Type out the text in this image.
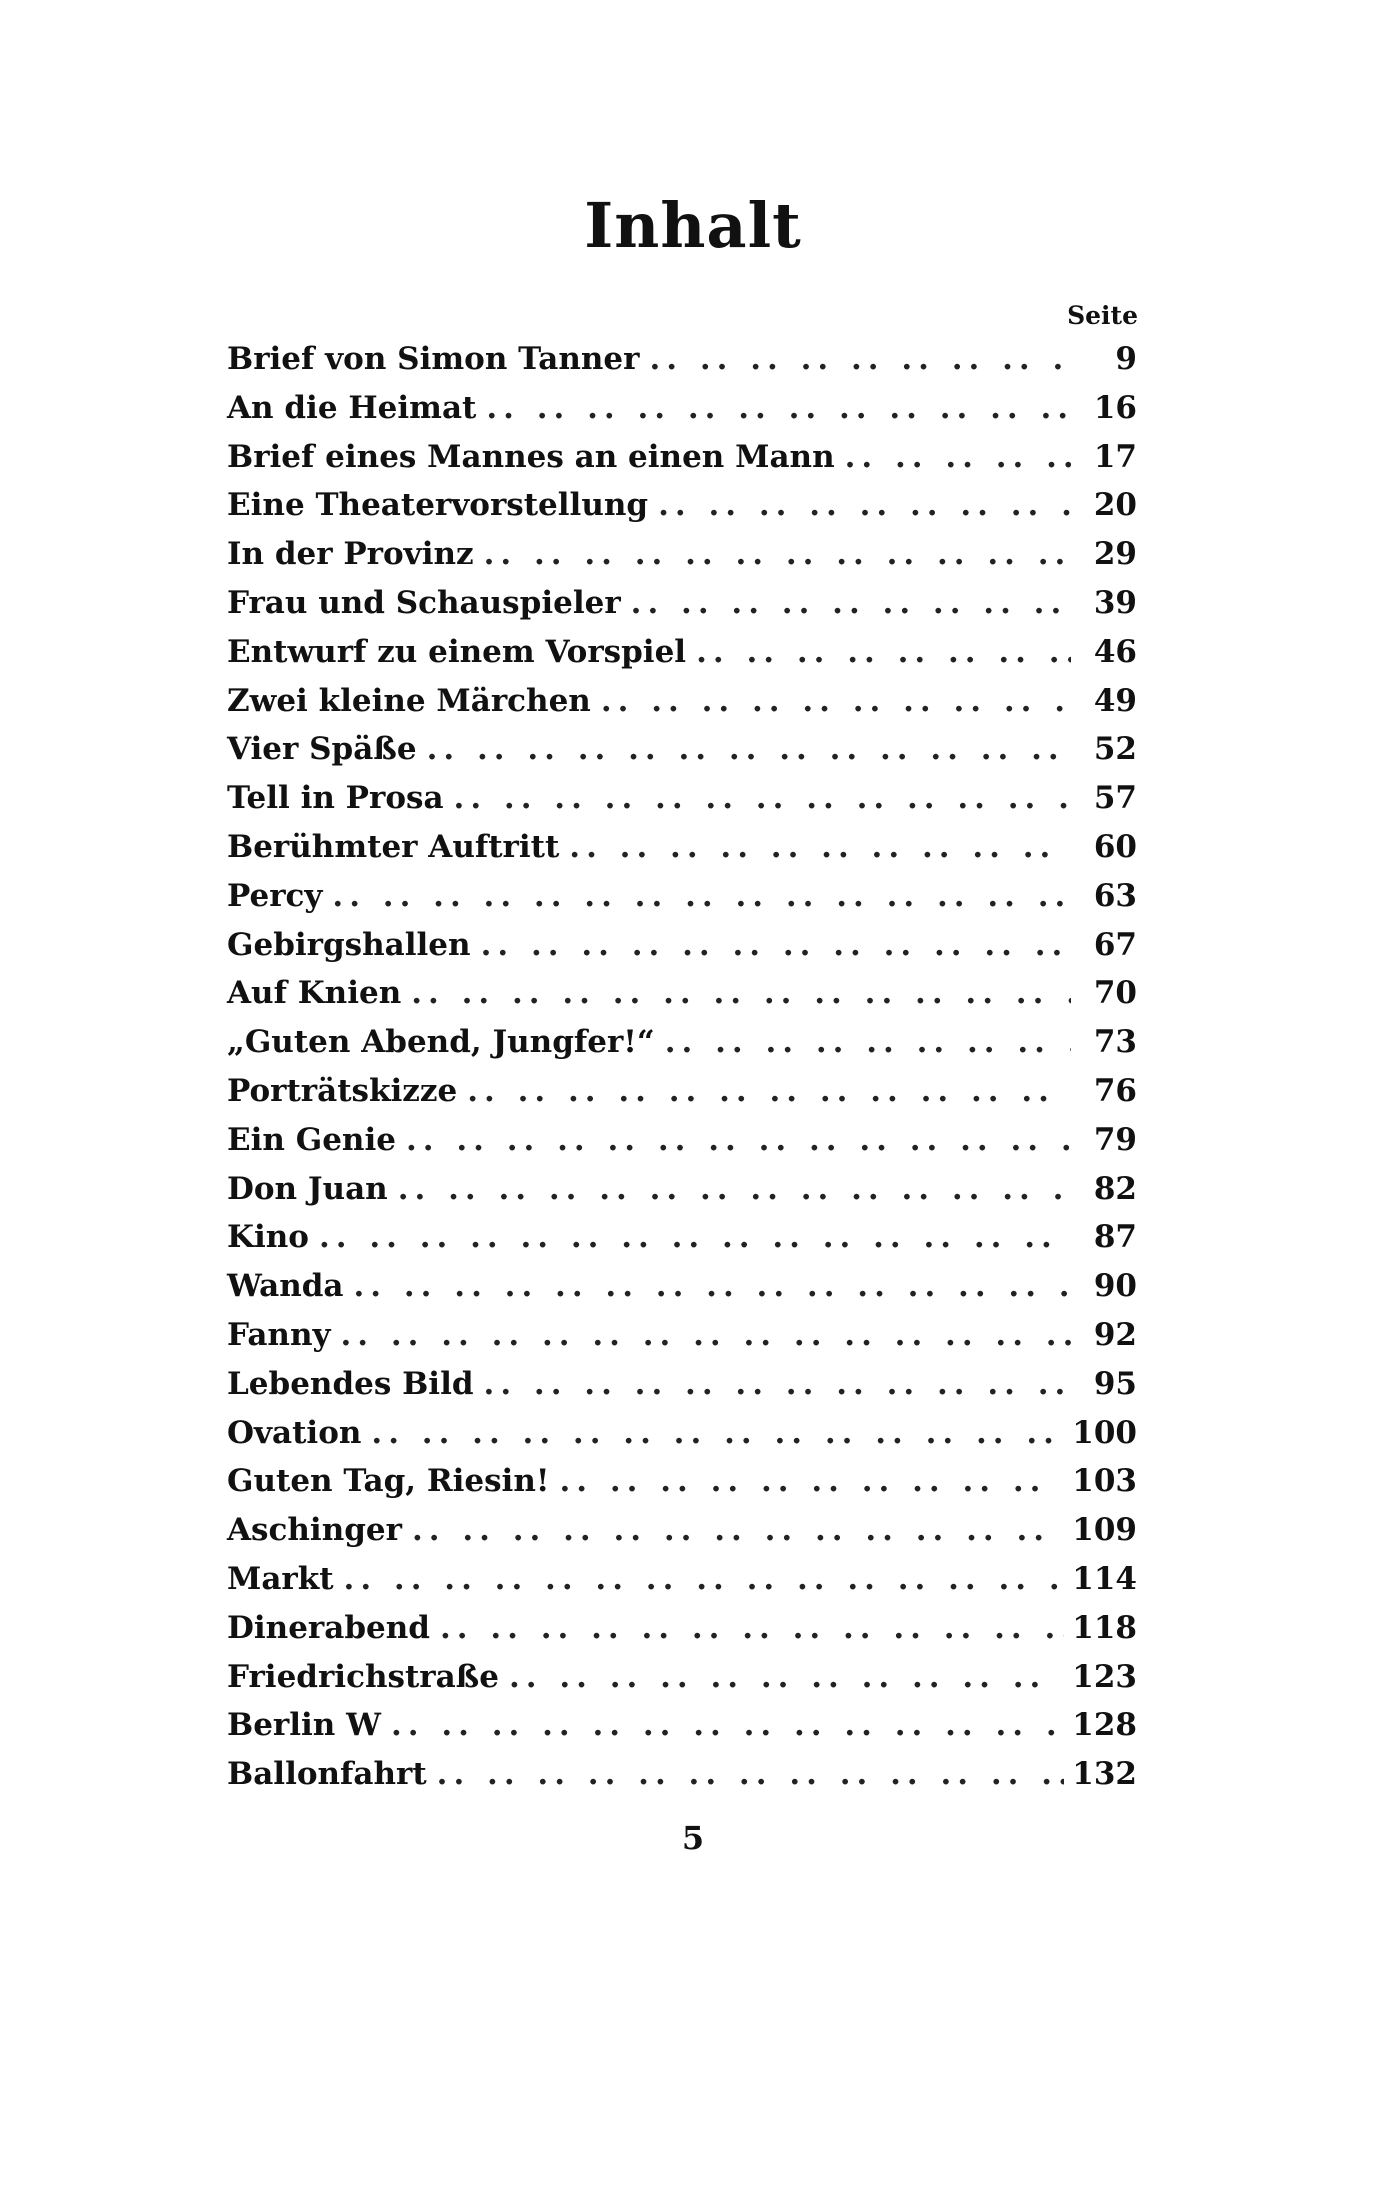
Inhalt
Seite
Brief von Simon Tanner .. ..	9
An die Heimat .. ..	16
Brief eines Mannes an einen Mann .. ..	17
Eine Theatervorstellung .. ..	20
In der Provinz .. ..	29
Frau und Schauspieler .. ..	39
Entwurf zu einem Vorspiel .. ..	46
Zwei kleine Märchen .. ..	49
Vier Späße .. ..	52
Tell in Prosa .. ..	57
Berühmter Auftritt .. ..	60
Percy .. ..	63
Gebirgshallen .. ..	67
Auf Knien .. ..	70
„Guten Abend, Jungfer!“ .. ..	73
Porträtskizze .. ..	76
Ein Genie .. ..	79
Don Juan .. ..	82
Kino .. ..	87
Wanda .. ..	90
Fanny .. ..	92
Lebendes Bild .. ..	95
Ovation .. ..	100
Guten Tag, Riesin! .. ..	103
Aschinger .. ..	109
Markt .. ..	114
Dinerabend .. ..	118
Friedrichstraße .. ..	123
Berlin W .. ..	128
Ballonfahrt .. ..	132
5
